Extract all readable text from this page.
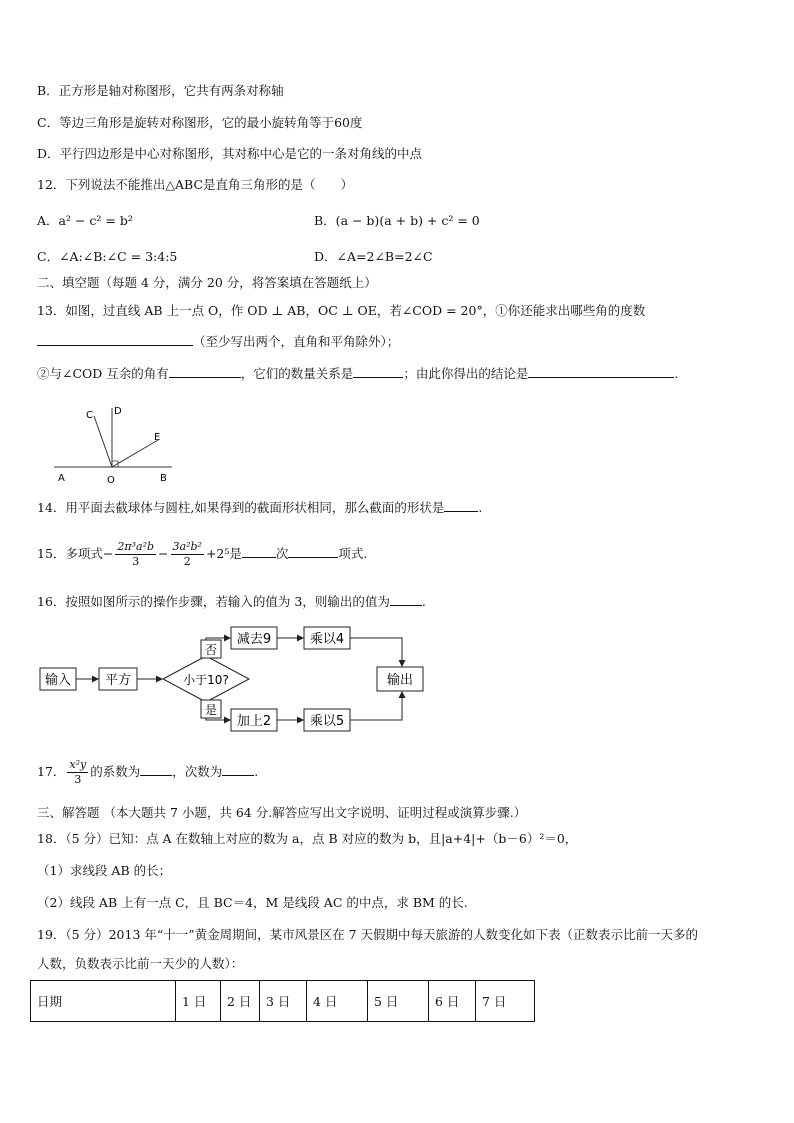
B．正方形是轴对称图形，它共有两条对称轴
C．等边三角形是旋转对称图形，它的最小旋转角等于60度
D．平行四边形是中心对称图形，其对称中心是它的一条对角线的中点
12．下列说法不能推出△ABC是直角三角形的是（　　）
A．a² − c² = b²	B．(a − b)(a + b) + c² = 0
C．∠A:∠B:∠C = 3:4:5	D．∠A=2∠B=2∠C
二、填空题（每题 4 分，满分 20 分，将答案填在答题纸上）
13．如图，过直线 AB 上一点 O，作 OD ⊥ AB，OC ⊥ OE，若∠COD = 20°，①你还能求出哪些角的度数
（至少写出两个，直角和平角除外）；
②与∠COD 互余的角有	，它们的数量关系是	；由此你得出的结论是	.
C D
E
A	O	B
14．用平面去截球体与圆柱,如果得到的截面形状相同，那么截面的形状是	.
15．多项式− $\frac{\text{2π³a²b}}{3} - \frac{\text{3a²b²}}{2} +2^5$是	次	项式.
16．按照如图所示的操作步骤，若输入的值为 3，则输出的值为	.
输入	平方	小于10?
否
减去9	乘以4
是
加上2	乘以5
输出
17． $\frac{\text{x²y}}{3}$ 的系数为	，次数为	.
三、解答题 （本大题共 7 小题，共 64 分.解答应写出文字说明、证明过程或演算步骤.）
18．（5 分）已知：点 A 在数轴上对应的数为 a，点 B 对应的数为 b，且|a+4|+（b－6）²＝0，
（1）求线段 AB 的长；
（2）线段 AB 上有一点 C，且 BC＝4，M 是线段 AC 的中点，求 BM 的长.
19．（5 分）2013 年“十一”黄金周期间，某市风景区在 7 天假期中每天旅游的人数变化如下表（正数表示比前一天多的
人数，负数表示比前一天少的人数）：
日期	1 日	2 日	3 日	4 日	5 日	6 日	7 日
